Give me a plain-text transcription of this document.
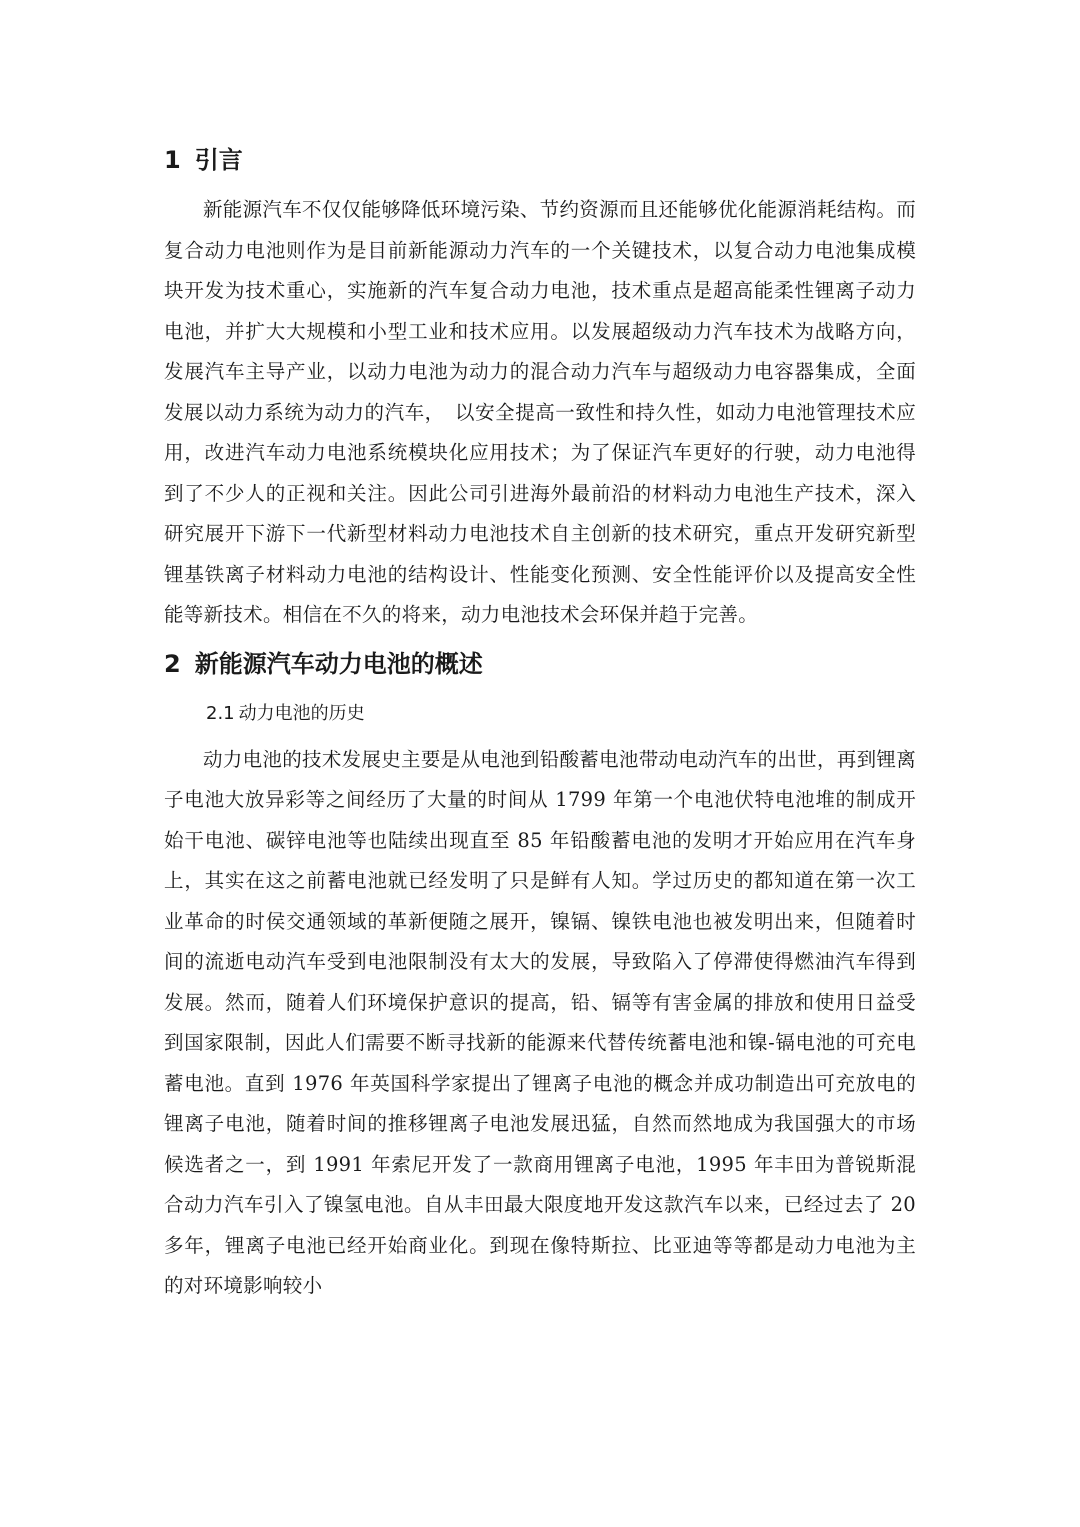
1 引言

新能源汽车不仅仅能够降低环境污染、节约资源而且还能够优化能源消耗结构。而复合动力电池则作为是目前新能源动力汽车的一个关键技术，以复合动力电池集成模块开发为技术重心，实施新的汽车复合动力电池，技术重点是超高能柔性锂离子动力电池，并扩大大规模和小型工业和技术应用。以发展超级动力汽车技术为战略方向，发展汽车主导产业，以动力电池为动力的混合动力汽车与超级动力电容器集成，全面发展以动力系统为动力的汽车，　以安全提高一致性和持久性，如动力电池管理技术应用，改进汽车动力电池系统模块化应用技术；为了保证汽车更好的行驶，动力电池得到了不少人的正视和关注。因此公司引进海外最前沿的材料动力电池生产技术，深入研究展开下游下一代新型材料动力电池技术自主创新的技术研究，重点开发研究新型锂基铁离子材料动力电池的结构设计、性能变化预测、安全性能评价以及提高安全性能等新技术。相信在不久的将来，动力电池技术会环保并趋于完善。

2 新能源汽车动力电池的概述
2.1 动力电池的历史

动力电池的技术发展史主要是从电池到铅酸蓄电池带动电动汽车的出世，再到锂离子电池大放异彩等之间经历了大量的时间从 1799 年第一个电池伏特电池堆的制成开始干电池、碳锌电池等也陆续出现直至 85 年铅酸蓄电池的发明才开始应用在汽车身上，其实在这之前蓄电池就已经发明了只是鲜有人知。学过历史的都知道在第一次工业革命的时侯交通领域的革新便随之展开，镍镉、镍铁电池也被发明出来，但随着时间的流逝电动汽车受到电池限制没有太大的发展，导致陷入了停滞使得燃油汽车得到发展。然而，随着人们环境保护意识的提高，铅、镉等有害金属的排放和使用日益受到国家限制，因此人们需要不断寻找新的能源来代替传统蓄电池和镍-镉电池的可充电蓄电池。直到 1976 年英国科学家提出了锂离子电池的概念并成功制造出可充放电的锂离子电池，随着时间的推移锂离子电池发展迅猛，自然而然地成为我国强大的市场候选者之一，到 1991 年索尼开发了一款商用锂离子电池，1995 年丰田为普锐斯混合动力汽车引入了镍氢电池。自从丰田最大限度地开发这款汽车以来，已经过去了 20 多年，锂离子电池已经开始商业化。到现在像特斯拉、比亚迪等等都是动力电池为主的对环境影响较小
